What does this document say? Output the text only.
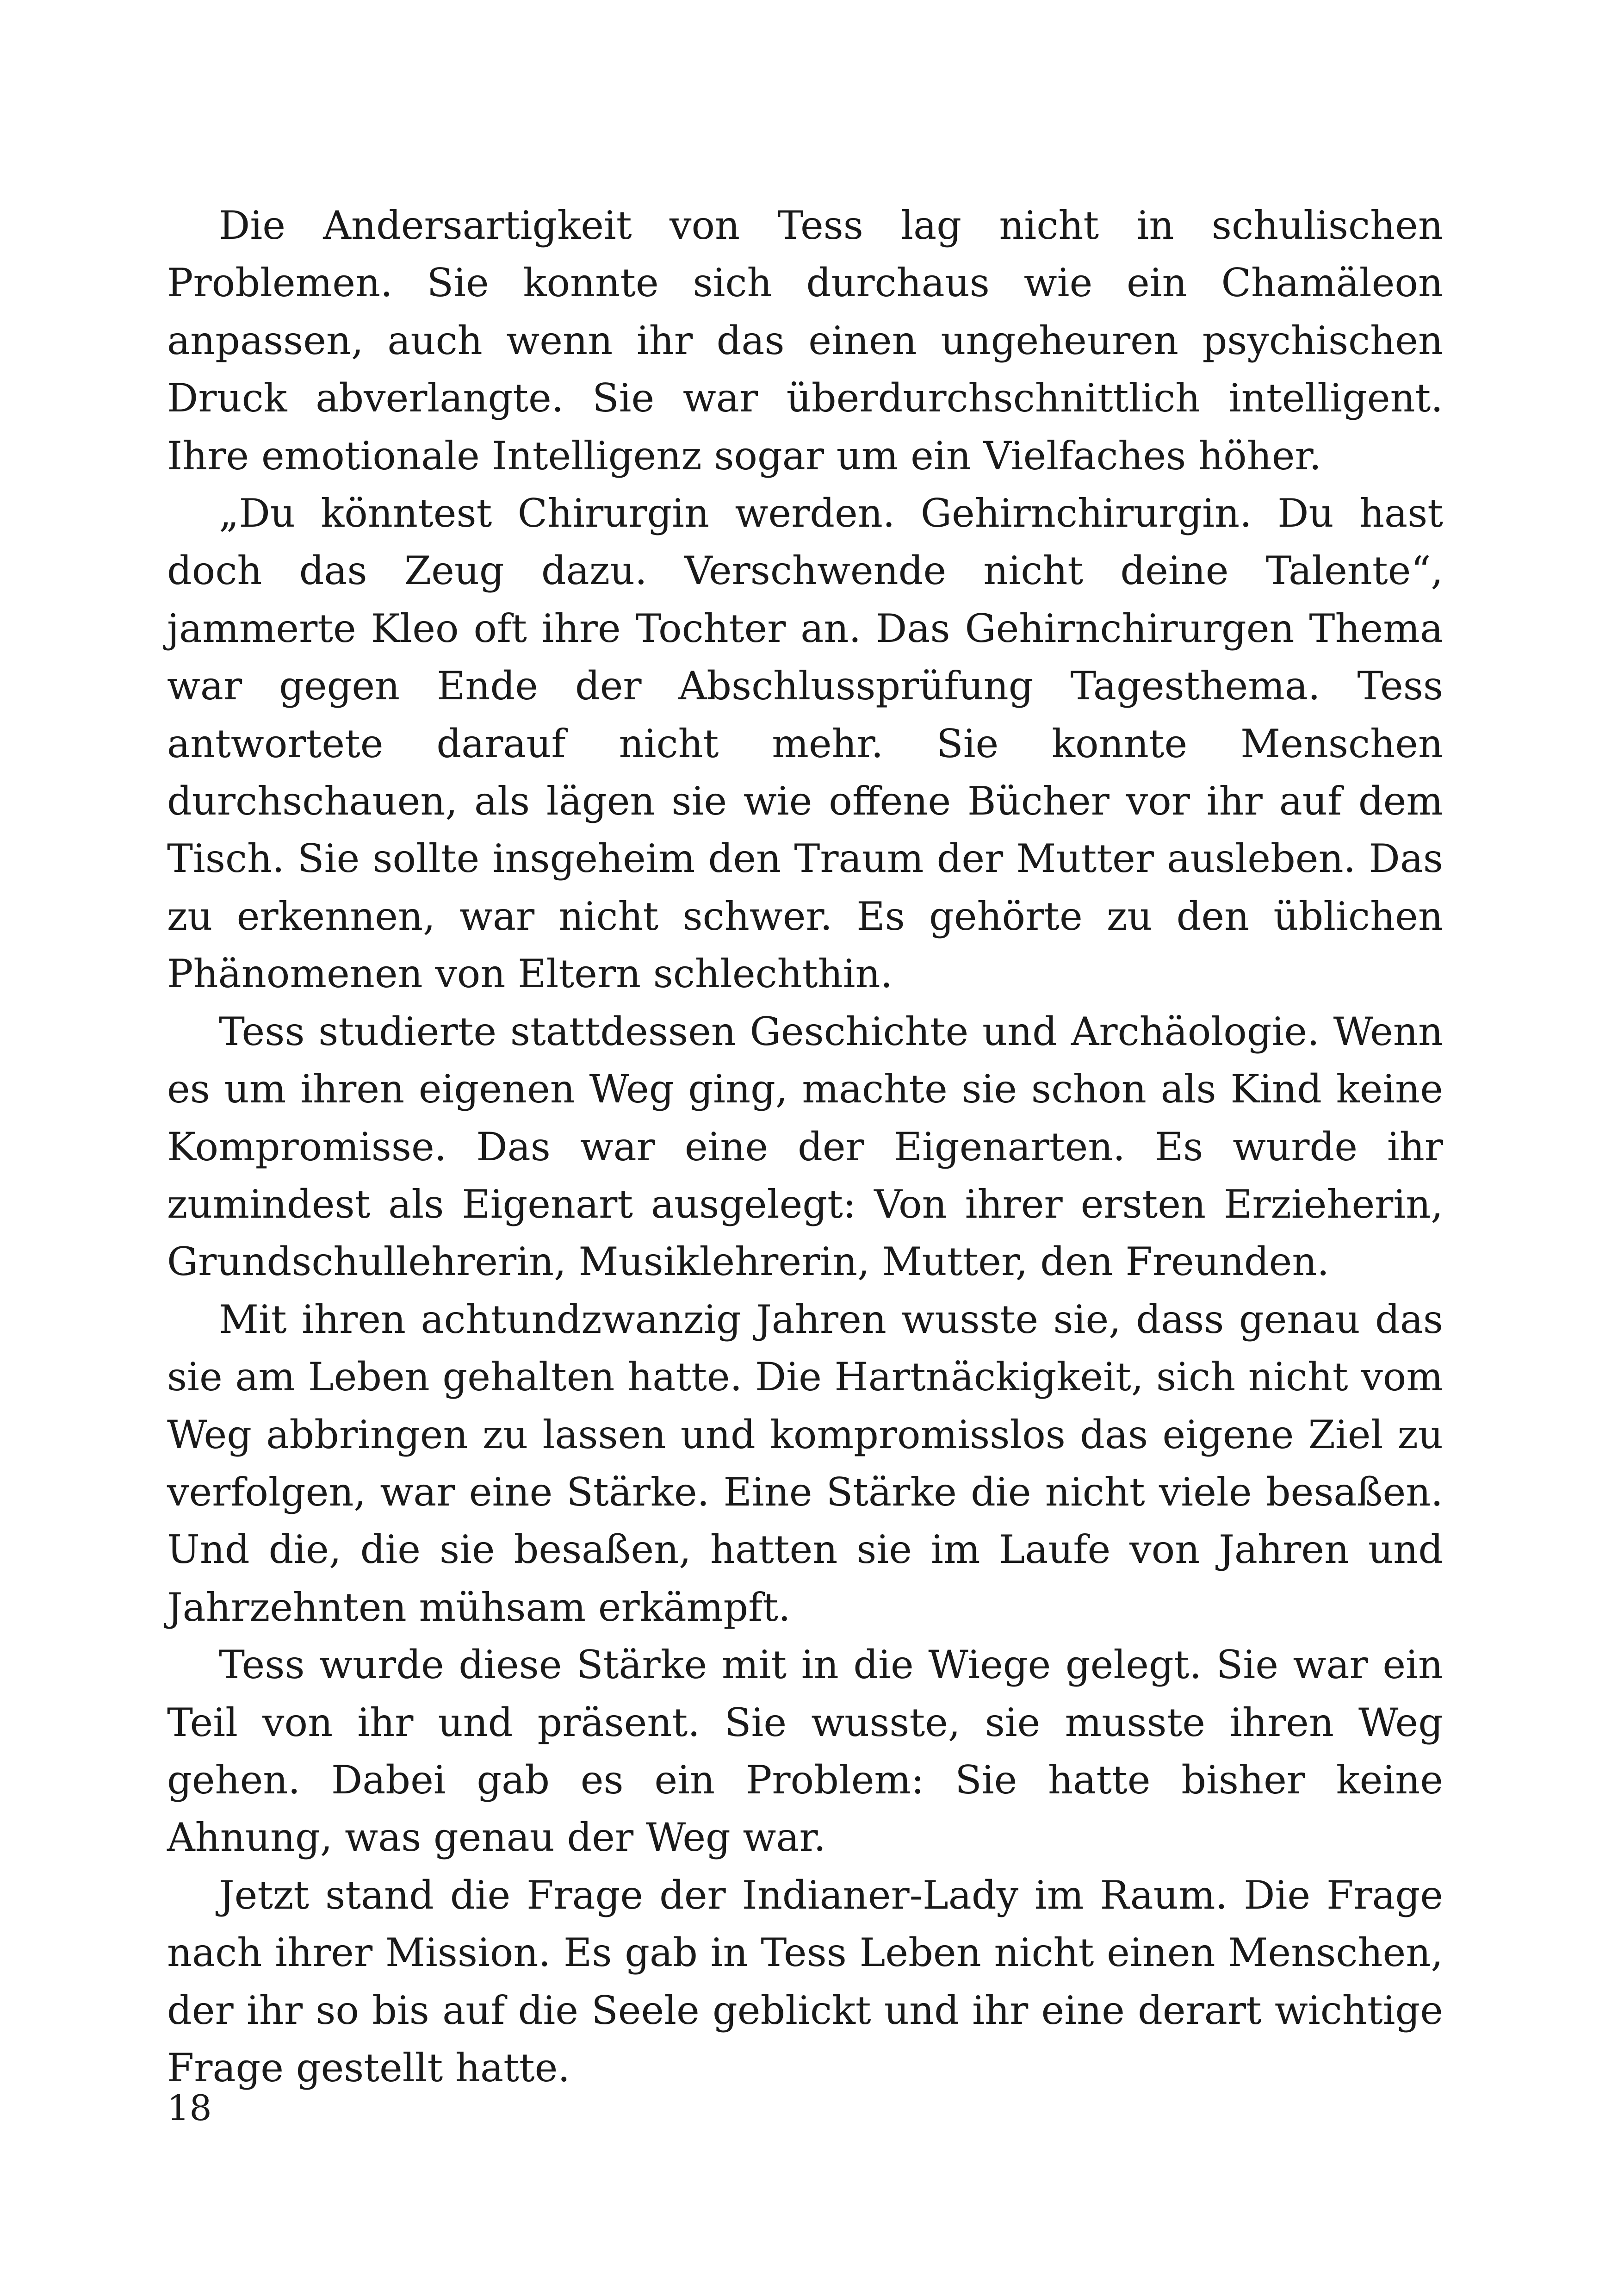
Die Andersartigkeit von Tess lag nicht in schulischen Problemen. Sie konnte sich durchaus wie ein Chamäleon anpassen, auch wenn ihr das einen ungeheuren psychischen Druck abverlangte. Sie war überdurchschnittlich intelligent. Ihre emotionale Intelligenz sogar um ein Vielfaches höher.

„Du könntest Chirurgin werden. Gehirnchirurgin. Du hast doch das Zeug dazu. Verschwende nicht deine Talente“, jammerte Kleo oft ihre Tochter an. Das Gehirnchirurgen Thema war gegen Ende der Abschlussprüfung Tagesthema. Tess antwortete darauf nicht mehr. Sie konnte Menschen durchschauen, als lägen sie wie offene Bücher vor ihr auf dem Tisch. Sie sollte insgeheim den Traum der Mutter ausleben. Das zu erkennen, war nicht schwer. Es gehörte zu den üblichen Phänomenen von Eltern schlechthin.

Tess studierte stattdessen Geschichte und Archäologie. Wenn es um ihren eigenen Weg ging, machte sie schon als Kind keine Kompromisse. Das war eine der Eigenarten. Es wurde ihr zumindest als Eigenart ausgelegt: Von ihrer ersten Erzieherin, Grundschullehrerin, Musiklehrerin, Mutter, den Freunden.

Mit ihren achtundzwanzig Jahren wusste sie, dass genau das sie am Leben gehalten hatte. Die Hartnäckigkeit, sich nicht vom Weg abbringen zu lassen und kompromisslos das eigene Ziel zu verfolgen, war eine Stärke. Eine Stärke die nicht viele besaßen. Und die, die sie besaßen, hatten sie im Laufe von Jahren und Jahrzehnten mühsam erkämpft.

Tess wurde diese Stärke mit in die Wiege gelegt. Sie war ein Teil von ihr und präsent. Sie wusste, sie musste ihren Weg gehen. Dabei gab es ein Problem: Sie hatte bisher keine Ahnung, was genau der Weg war.

Jetzt stand die Frage der Indianer-Lady im Raum. Die Frage nach ihrer Mission. Es gab in Tess Leben nicht einen Menschen, der ihr so bis auf die Seele geblickt und ihr eine derart wichtige Frage gestellt hatte.

18
